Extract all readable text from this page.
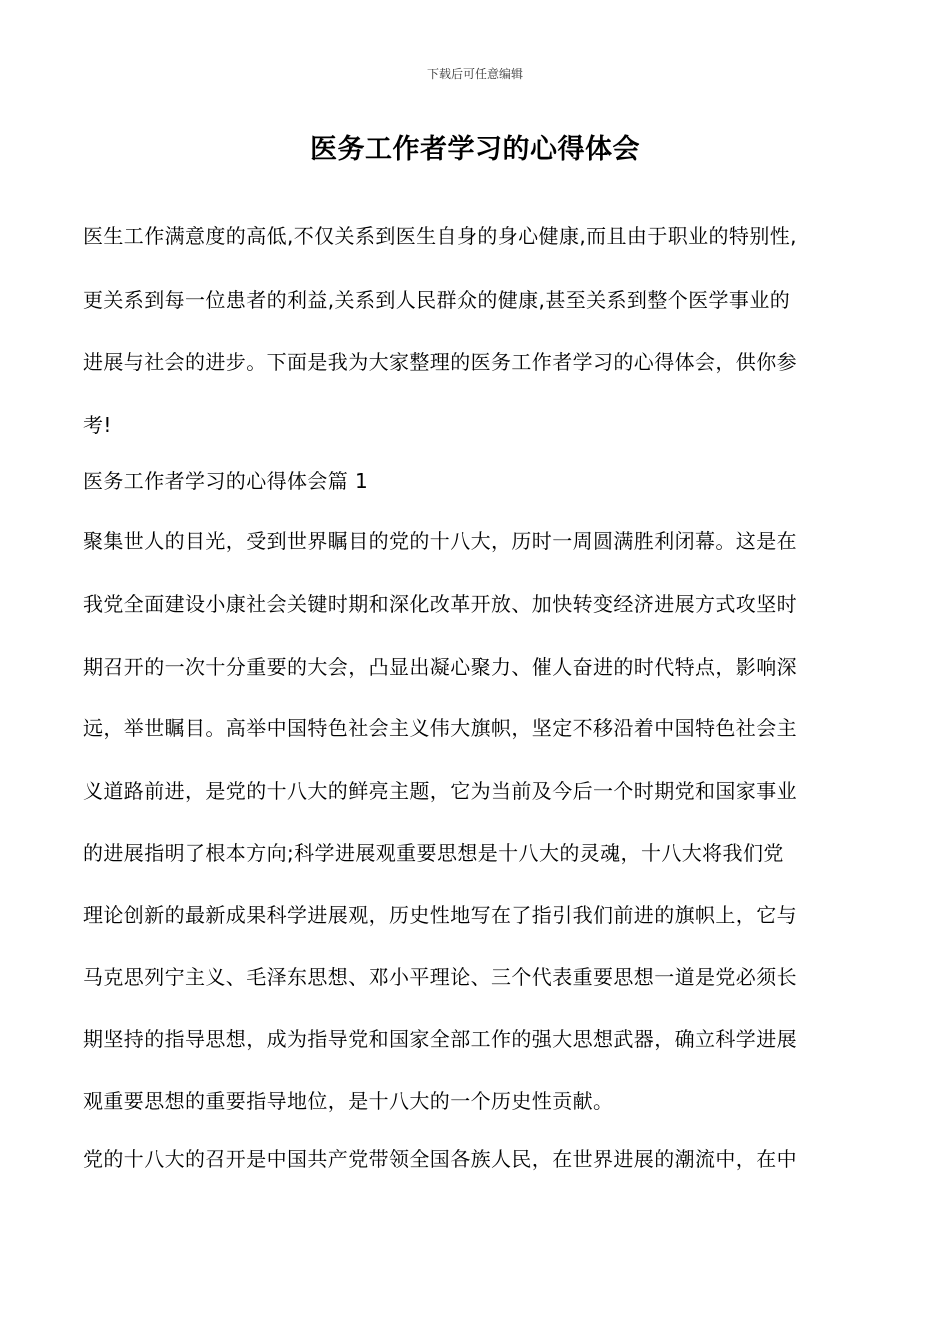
下载后可任意编辑
医务工作者学习的心得体会
医生工作满意度的高低,不仅关系到医生自身的身心健康,而且由于职业的特别性,
更关系到每一位患者的利益,关系到人民群众的健康,甚至关系到整个医学事业的
进展与社会的进步。下面是我为大家整理的医务工作者学习的心得体会，供你参
考!
医务工作者学习的心得体会篇 1
聚集世人的目光，受到世界瞩目的党的十八大，历时一周圆满胜利闭幕。这是在
我党全面建设小康社会关键时期和深化改革开放、加快转变经济进展方式攻坚时
期召开的一次十分重要的大会，凸显出凝心聚力、催人奋进的时代特点，影响深
远，举世瞩目。高举中国特色社会主义伟大旗帜，坚定不移沿着中国特色社会主
义道路前进，是党的十八大的鲜亮主题，它为当前及今后一个时期党和国家事业
的进展指明了根本方向;科学进展观重要思想是十八大的灵魂，十八大将我们党
理论创新的最新成果科学进展观，历史性地写在了指引我们前进的旗帜上，它与
马克思列宁主义、毛泽东思想、邓小平理论、三个代表重要思想一道是党必须长
期坚持的指导思想，成为指导党和国家全部工作的强大思想武器，确立科学进展
观重要思想的重要指导地位，是十八大的一个历史性贡献。
党的十八大的召开是中国共产党带领全国各族人民，在世界进展的潮流中，在中
